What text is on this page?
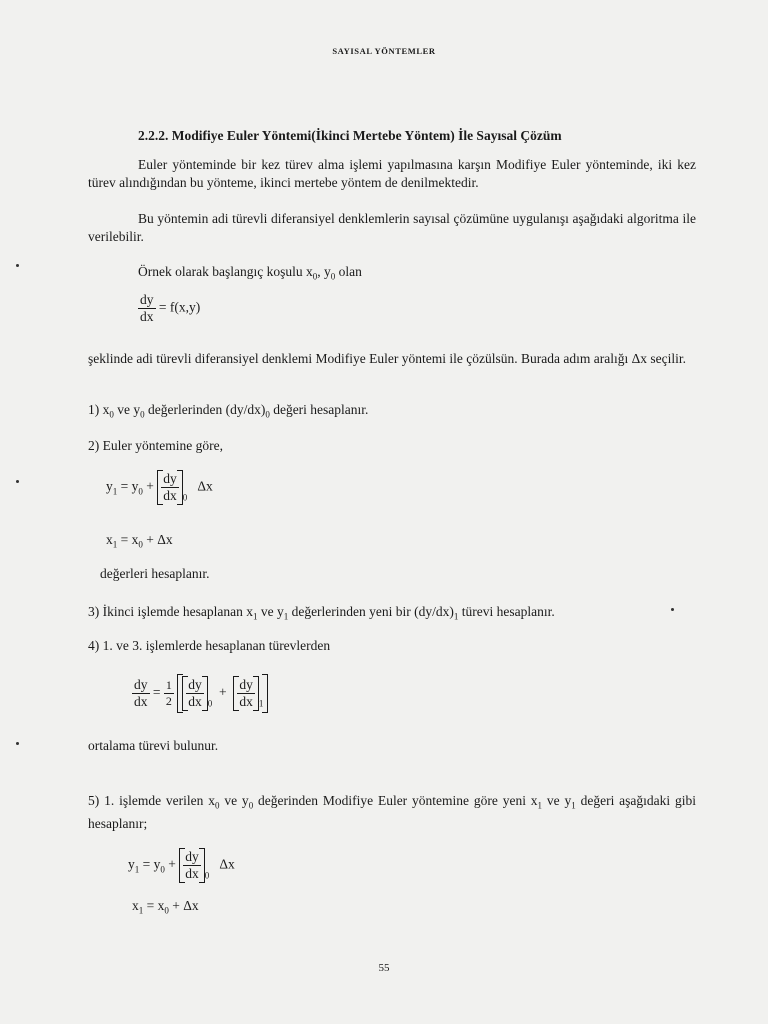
SAYISAL YÖNTEMLER
2.2.2. Modifiye Euler Yöntemi(İkinci Mertebe Yöntem) İle Sayısal Çözüm
Euler yönteminde bir kez türev alma işlemi yapılmasına karşın Modifiye Euler yönteminde, iki kez türev alındığından bu yönteme, ikinci mertebe yöntem de denilmektedir.
Bu yöntemin adi türevli diferansiyel denklemlerin sayısal çözümüne uygulanışı aşağıdaki algoritma ile verilebilir.
Örnek olarak başlangıç koşulu $x_0$, $y_0$ olan
$\frac{dy}{dx} = f(x,y)$
şeklinde adi türevli diferansiyel denklemi Modifiye Euler yöntemi ile çözülsün. Burada adım aralığı Δx seçilir.
1) $x_0$ ve $y_0$ değerlerinden $(dy/dx)_0$ değeri hesaplanır.
2) Euler yöntemine göre,
$y_1 = y_0 + \frac{dy}{dx} _0$   Δx
$x_1 = x_0 + \Delta x$
değerleri hesaplanır.
3) İkinci işlemde hesaplanan $x_1$ ve $y_1$ değerlerinden yeni bir $(dy/dx)_1$ türevi hesaplanır.
4) 1. ve 3. işlemlerde hesaplanan türevlerden
$\frac{dy}{dx} = \frac{1}{2}$
$\frac{dy}{dx} _0 + \frac{dy}{dx} _1$
ortalama türevi bulunur.
5) 1. işlemde verilen $x_0$ ve $y_0$ değerinden Modifiye Euler yöntemine göre yeni $x_1$ ve $y_1$ değeri aşağıdaki gibi hesaplanır;
$y_1 = y_0 + \frac{dy}{dx} _0$   Δx
$x_1 = x_0 + \Delta x$
55
